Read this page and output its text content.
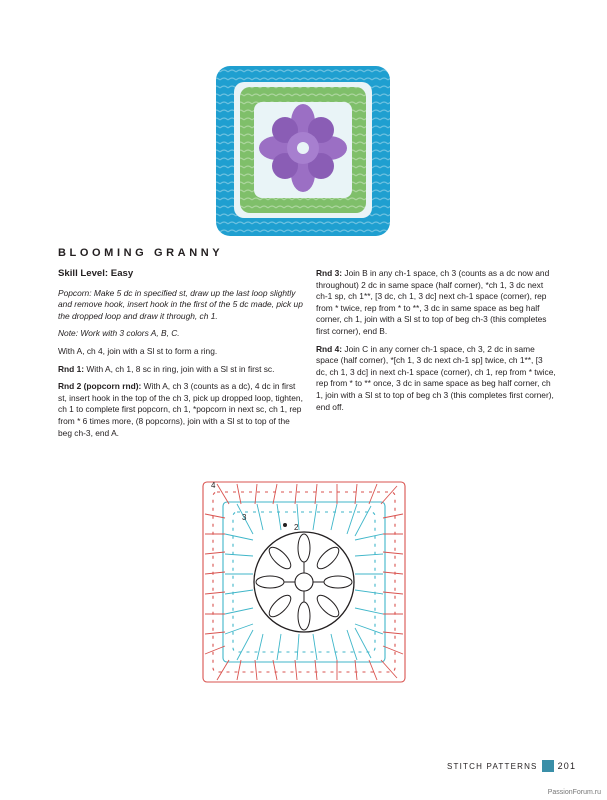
BLOOMING GRANNY

Skill Level: Easy

Popcorn: Make 5 dc in specified st, draw up the last loop slightly and remove hook, insert hook in the first of the 5 dc made, pick up the dropped loop and draw it through, ch 1.

Note: Work with 3 colors A, B, C.

With A, ch 4, join with a Sl st to form a ring.

Rnd 1: With A, ch 1, 8 sc in ring, join with a Sl st in first sc.

Rnd 2 (popcorn rnd): With A, ch 3 (counts as a dc), 4 dc in first st, insert hook in the top of the ch 3, pick up dropped loop, tighten, ch 1 to complete first popcorn, ch 1, *popcorn in next sc, ch 1, rep from * 6 times more, (8 popcorns), join with a Sl st to top of the beg ch-3, end A.

Rnd 3: Join B in any ch-1 space, ch 3 (counts as a dc now and throughout) 2 dc in same space (half corner), *ch 1, 3 dc next ch-1 sp, ch 1**, [3 dc, ch 1, 3 dc] next ch-1 space (corner), rep from * twice, rep from * to **, 3 dc in same space as beg half corner, ch 1, join with a Sl st to top of beg ch-3 (this completes first corner), end B.

Rnd 4: Join C in any corner ch-1 space, ch 3, 2 dc in same space (half corner), *[ch 1, 3 dc next ch-1 sp] twice, ch 1**, [3 dc, ch 1, 3 dc] in next ch-1 space (corner), ch 1, rep from * twice, rep from * to ** once, 3 dc in same space as beg half corner, ch 1, join with a Sl st to top of beg ch 3 (this completes first corner), end off.

2
3
4
STITCH PATTERNS 201
PassionForum.ru
